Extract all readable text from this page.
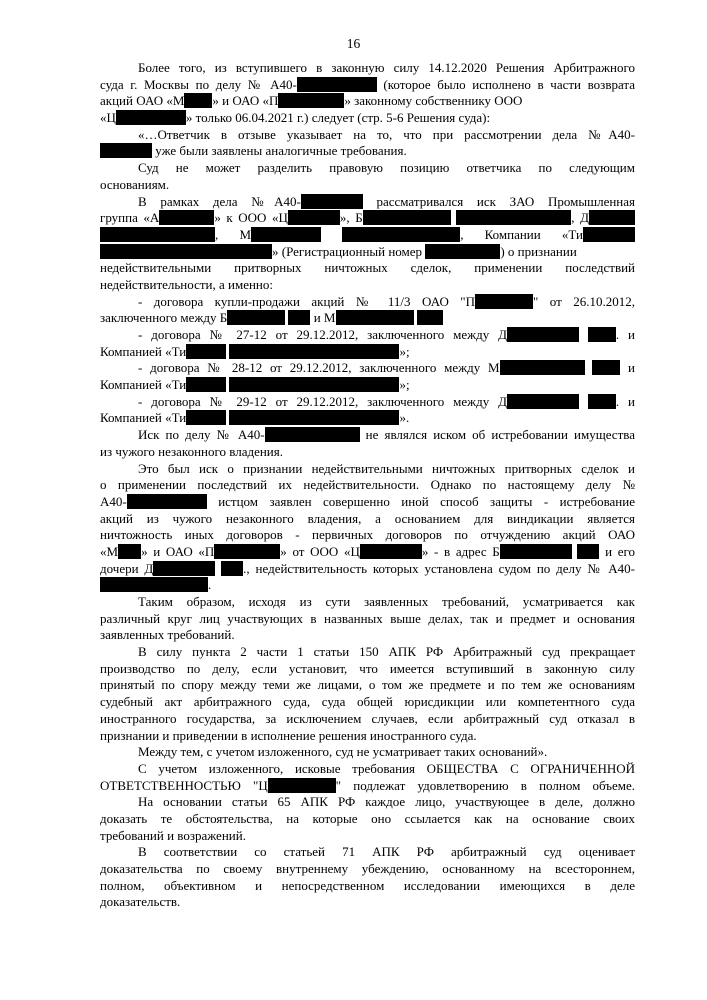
16
Более того, из вступившего в законную силу 14.12.2020 Решения Арбитражного
суда г. Москвы по делу № А40-	(которое было исполнено в части возврата
акций ОАО «М » и ОАО «П	» законному собственнику ООО
«Ц	» только 06.04.2021 г.) следует (стр. 5-6 Решения суда):
«…Ответчик в отзыве указывает на то, что при рассмотрении дела №А40-
уже были заявлены аналогичные требования.
Суд не может разделить правовую позицию ответчика по следующим
основаниям.
В рамках дела №А40-	рассматривался иск ЗАО Промышленная
группа «А	» к ООО «Ц	», Б	, Д
, М	, Компании «Ти
» (Регистрационный номер	) о признании
недействительными притворных ничтожных сделок, применении последствий
недействительности, а именно:
- договора купли-продажи акций № 11/3 ОАО "П	" от 26.10.2012,
заключенного между Б	и М
- договора № 27-12 от 29.12.2012, заключенного между Д	. и
Компанией «Ти	»;
- договора № 28-12 от 29.12.2012, заключенного между М	и
Компанией «Ти	»;
- договора № 29-12 от 29.12.2012, заключенного между Д	. и
Компанией «Ти	».
Иск по делу № А40-	не являлся иском об истребовании имущества
из чужого незаконного владения.
Это был иск о признании недействительными ничтожных притворных сделок и
о применении последствий их недействительности. Однако по настоящему делу №
А40-	истцом заявлен совершенно иной способ защиты - истребование
акций из чужого незаконного владения, а основанием для виндикации является
ничтожность иных договоров - первичных договоров по отчуждению акций ОАО
«М » и ОАО «П	» от ООО «Ц	» - в адрес Б	и его
дочери Д	., недействительность которых установлена судом по делу № А40-
.
Таким образом, исходя из сути заявленных требований, усматривается как
различный круг лиц участвующих в названных выше делах, так и предмет и основания
заявленных требований.
В силу пункта 2 части 1 статьи 150 АПК РФ Арбитражный суд прекращает
производство по делу, если установит, что имеется вступивший в законную силу
принятый по спору между теми же лицами, о том же предмете и по тем же основаниям
судебный акт арбитражного суда, суда общей юрисдикции или компетентного суда
иностранного государства, за исключением случаев, если арбитражный суд отказал в
признании и приведении в исполнение решения иностранного суда.
Между тем, с учетом изложенного, суд не усматривает таких оснований».
С учетом изложенного, исковые требования ОБЩЕСТВА С ОГРАНИЧЕННОЙ
ОТВЕТСТВЕННОСТЬЮ "Ц	" подлежат удовлетворению в полном объеме.
На основании статьи 65 АПК РФ каждое лицо, участвующее в деле, должно
доказать те обстоятельства, на которые оно ссылается как на основание своих
требований и возражений.
В соответствии со статьей 71 АПК РФ арбитражный суд оценивает
доказательства по своему внутреннему убеждению, основанному на всестороннем,
полном, объективном и непосредственном исследовании имеющихся в деле
доказательств.
